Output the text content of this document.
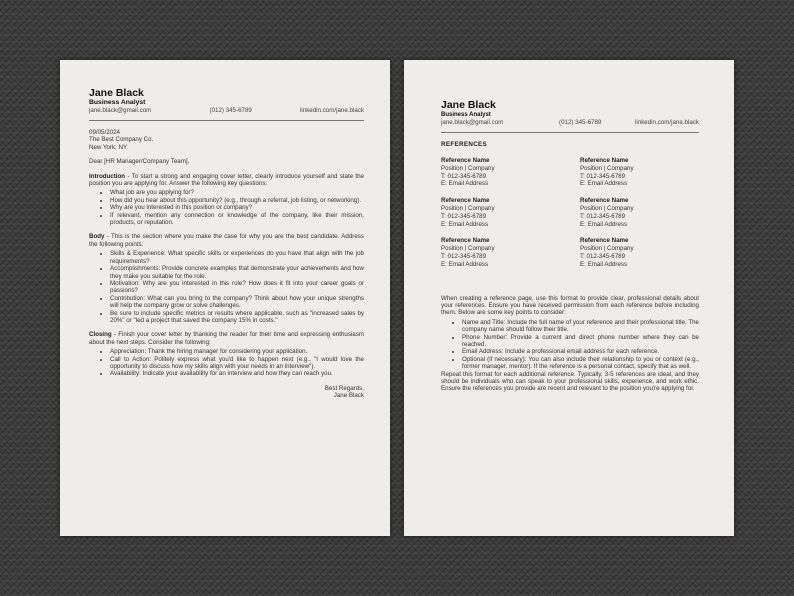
Jane Black
Business Analyst
jane.black@gmail.com	(012) 345-6789	linkedin.com/jane.black
09/05/2024
The Best Company Co.
New York, NY
Dear [HR Manager/Company Team],

Introduction - To start a strong and engaging cover letter, clearly introduce yourself and state the position you are applying for. Answer the following key questions:

• What job are you applying for?
• How did you hear about this opportunity? (e.g., through a referral, job listing, or networking).
• Why are you interested in this position or company?
• If relevant, mention any connection or knowledge of the company, like their mission, products, or reputation.

Body - This is the section where you make the case for why you are the best candidate. Address the following points:

• Skills & Experience: What specific skills or experiences do you have that align with the job requirements?
• Accomplishments: Provide concrete examples that demonstrate your achievements and how they make you suitable for the role.
• Motivation: Why are you interested in this role? How does it fit into your career goals or passions?
• Contribution: What can you bring to the company? Think about how your unique strengths will help the company grow or solve challenges.
• Be sure to include specific metrics or results where applicable, such as "increased sales by 20%" or "led a project that saved the company 15% in costs."

Closing - Finish your cover letter by thanking the reader for their time and expressing enthusiasm about the next steps. Consider the following:

• Appreciation: Thank the hiring manager for considering your application.
• Call to Action: Politely express what you'd like to happen next (e.g., "I would love the opportunity to discuss how my skills align with your needs in an interview").
• Availability: Indicate your availability for an interview and how they can reach you.
Best Regards,
Jane Black
Jane Black
Business Analyst
jane.black@gmail.com	(012) 345-6789	linkedin.com/jane.black
REFERENCES
Reference Name
Position | Company
T: 012-345-6789
E: Email Address
Reference Name
Position | Company
T: 012-345-6789
E: Email Address
Reference Name
Position | Company
T: 012-345-6789
E: Email Address
Reference Name
Position | Company
T: 012-345-6789
E: Email Address
Reference Name
Position | Company
T: 012-345-6789
E: Email Address
Reference Name
Position | Company
T: 012-345-6789
E: Email Address

When creating a reference page, use this format to provide clear, professional details about your references. Ensure you have received permission from each reference before including them. Below are some key points to consider:

• Name and Title: Include the full name of your reference and their professional title. The company name should follow their title.
• Phone Number: Provide a current and direct phone number where they can be reached.
• Email Address: Include a professional email address for each reference.
• Optional (if necessary): You can also include their relationship to you or context (e.g., former manager, mentor). If the reference is a personal contact, specify that as well.

Repeat this format for each additional reference. Typically, 3-5 references are ideal, and they should be individuals who can speak to your professional skills, experience, and work ethic. Ensure the references you provide are recent and relevant to the position you're applying for.
